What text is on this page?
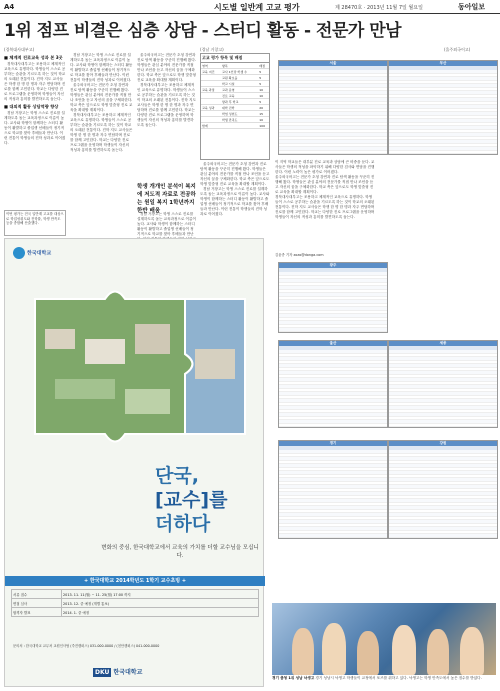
A4	시도별 일반계 고교 평가	제 28470호 · 2013년 11월 7일 월요일	동아일보
1위 점프 비결은 심층 상담 - 스터디 활동 - 전문가 만남
(경북대사대부고)	(경남 거창고)	(울주외국어고)
■ 체계적 진로교육 성과 본 3곳

경북대사대부고는 조용하고 체계적인 교육으로 유명하다. 학생들이 스스로 공부하는 습관을 기르도록 하는 것이 학교의 오래된 전통이다. 진학 지도 교사들은 학생 한 명 한 명과 자주 면담하며 진로를 함께 고민한다. 학교는 다양한 진로 프로그램을 운영하며 학생들이 자신의 적성과 흥미를 발견하도록 돕는다.

■ 대외적 활동 상담역량 향상

경남 거창고는 학생 스스로 진로를 설계하도록 돕는 교육과정으로 이름이 높다. 교사와 학생이 함께하는 스터디 활동이 활발하고 졸업생 선배들이 정기적으로 학교를 찾아 후배들과 만난다. 이런 전통이 학생들의 진학 성과로 이어졌다.

경남 거창고는 학생 스스로 진로를 설계하도록 돕는 교육과정으로 이름이 높다. 교사와 학생이 함께하는 스터디 활동이 활발하고 졸업생 선배들이 정기적으로 학교를 찾아 후배들과 만난다. 이런 전통이 학생들의 진학 성과로 이어졌다.

울주외국어고는 전문가 초청 강연과 진로 탐색 활동을 꾸준히 진행해 왔다. 학생들은 관심 분야의 전문가를 직접 만나 조언을 듣고 자신의 꿈을 구체화한다. 학교 측은 앞으로도 학생 맞춤형 진로 교육을 확대할 계획이다.

경북대사대부고는 조용하고 체계적인 교육으로 유명하다. 학생들이 스스로 공부하는 습관을 기르도록 하는 것이 학교의 오래된 전통이다. 진학 지도 교사들은 학생 한 명 한 명과 자주 면담하며 진로를 함께 고민한다. 학교는 다양한 진로 프로그램을 운영하며 학생들이 자신의 적성과 흥미를 발견하도록 돕는다.

울주외국어고는 전문가 초청 강연과 진로 탐색 활동을 꾸준히 진행해 왔다. 학생들은 관심 분야의 전문가를 직접 만나 조언을 듣고 자신의 꿈을 구체화한다. 학교 측은 앞으로도 학생 맞춤형 진로 교육을 확대할 계획이다.

경북대사대부고는 조용하고 체계적인 교육으로 유명하다. 학생들이 스스로 공부하는 습관을 기르도록 하는 것이 학교의 오래된 전통이다. 진학 지도 교사들은 학생 한 명 한 명과 자주 면담하며 진로를 함께 고민한다. 학교는 다양한 진로 프로그램을 운영하며 학생들이 자신의 적성과 흥미를 발견하도록 돕는다.

학생 개개인 분석이 복지에 저도적 자료로 전공하는 원일 복지 1학년까지 한반 배움

경남 거창고는 학생 스스로 진로를 설계하도록 돕는 교육과정으로 이름이 높다. 교사와 학생이 함께하는 스터디 활동이 활발하고 졸업생 선배들이 정기적으로 학교를 찾아 후배들과 만난

고교 평가 항목 및 배점
영역	항목	배점
교육 여건	교사 1인당 학생 수	5
	교원 확보율	5
	학교 시설	5
교육 과정	교과 운영	10
	진로 교육	10
	방과 후 학교	5
교육 성과	대학 진학	20
	학업 성취도	15
	학생 만족도	10
합계		100
이번 평가는 전국 일반계 고교를 대상으로 학업성취도와 진학률, 학생 만족도 등을 종합해 산출했다.

울주외국어고는 전문가 초청 강연과 진로 탐색 활동을 꾸준히 진행해 왔다. 학생들은 관심 분야의 전문가를 직접 만나 조언을 듣고 자신의 꿈을 구체화한다. 학교 측은 앞으로도 학생 맞춤형 진로 교육을 확대할 계획이다.

경남 거창고는 학생 스스로 진로를 설계하도록 돕는 교육과정으로 이름이 높다. 교사와 학생이 함께하는 스터디 활동이 활발하고 졸업생 선배들이 정기적으로 학교를 찾아 후배들과 만난다. 이런 전통이 학생들의 진학 성과로 이어졌다.

한국대학교
단국,
[교수]를
더하다
변화의 중심, 한국대학교에서 교육의 가치를 더할 교수님을 모십니다.
+ 한국대학교 2014학년도 1학기 교수초빙 +
서류 접수	2013. 11. 11(월) ~ 11. 25(월) 17:00 까지
면접 심사	2013. 12. 중 예정 (개별 통보)
합격자 발표	2014. 1. 중 예정
문의처 : 한국대학교 교무처 교원인사팀 (죽전캠퍼스) 031-000-0000 / (천안캠퍼스) 041-000-0000
DKU 한국대학교

이 지역 학교들은 대부분 진로 교육과 상담에 큰 비중을 둔다. 교사들은 학생의 적성을 파악하기 위해 다양한 검사와 면담을 진행한다. 이런 노력이 높은 평가로 이어졌다.

울주외국어고는 전문가 초청 강연과 진로 탐색 활동을 꾸준히 진행해 왔다. 학생들은 관심 분야의 전문가를 직접 만나 조언을 듣고 자신의 꿈을 구체화한다. 학교 측은 앞으로도 학생 맞춤형 진로 교육을 확대할 계획이다.

경북대사대부고는 조용하고 체계적인 교육으로 유명하다. 학생들이 스스로 공부하는 습관을 기르도록 하는 것이 학교의 오래된 전통이다. 진학 지도 교사들은 학생 한 명 한 명과 자주 면담하며 진로를 함께 고민한다. 학교는 다양한 진로 프로그램을 운영하며 학생들이 자신의 적성과 흥미를 발견하도록 돕는다.

김윤종 기자 zozo@donga.com
서울	부산
광주
울산	세종
경기	강원
경기 충청 1위 성남 낙생고 경기 성남시 낙생고 학생들이 교정에서 포즈를 취하고 있다. 낙생고는 학생 만족도에서 높은 점수를 받았다.
